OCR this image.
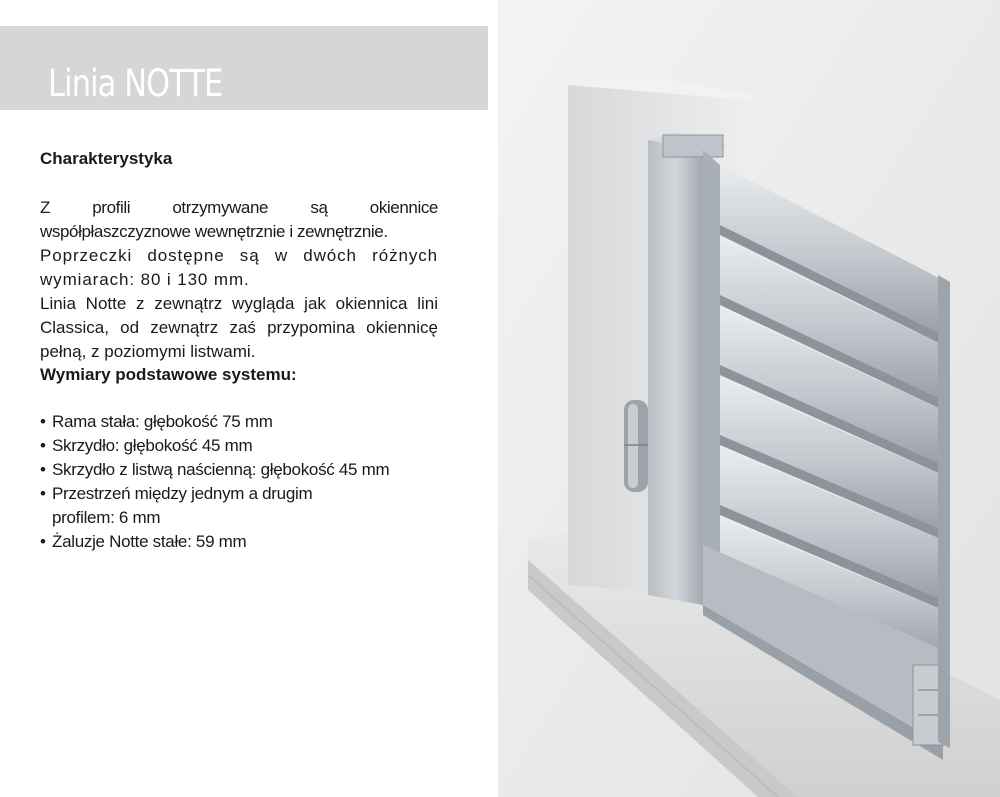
Linia NOTTE
Charakterystyka

Z profili otrzymywane są okiennice współpłaszczyznowe wewnętrznie i zewnętrznie.

Poprzeczki dostępne są w dwóch różnych wymiarach: 80 i 130 mm.

Linia Notte z zewnątrz wygląda jak okiennica lini Classica, od zewnątrz zaś przypomina okiennicę pełną, z poziomymi listwami.

Wymiary podstawowe systemu:
• Rama stała: głębokość 75 mm
• Skrzydło: głębokość 45 mm
• Skrzydło z listwą naścienną: głębokość 45 mm
• Przestrzeń między jednym a drugim
profilem: 6 mm
• Żaluzje Notte stałe: 59 mm
